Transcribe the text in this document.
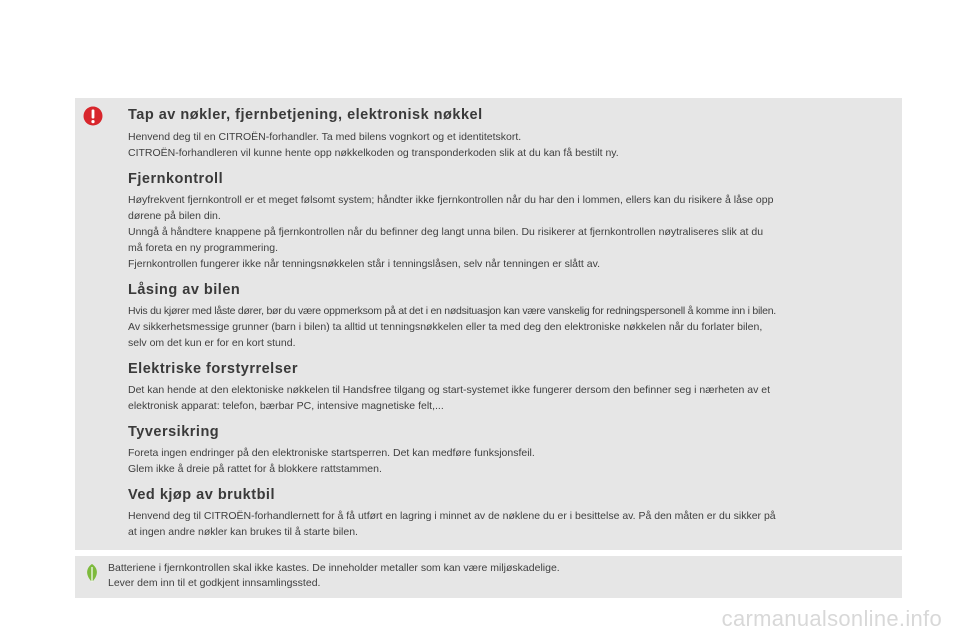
Tap av nøkler, fjernbetjening, elektronisk nøkkel

Henvend deg til en CITROËN-forhandler. Ta med bilens vognkort og et identitetskort.

CITROËN-forhandleren vil kunne hente opp nøkkelkoden og transponderkoden slik at du kan få bestilt ny.

Fjernkontroll

Høyfrekvent fjernkontroll er et meget følsomt system; håndter ikke fjernkontrollen når du har den i lommen, ellers kan du risikere å låse opp

dørene på bilen din.

Unngå å håndtere knappene på fjernkontrollen når du befinner deg langt unna bilen. Du risikerer at fjernkontrollen nøytraliseres slik at du

må foreta en ny programmering.

Fjernkontrollen fungerer ikke når tenningsnøkkelen står i tenningslåsen, selv når tenningen er slått av.

Låsing av bilen

Hvis du kjører med låste dører, bør du være oppmerksom på at det i en nødsituasjon kan være vanskelig for redningspersonell å komme inn i bilen.

Av sikkerhetsmessige grunner (barn i bilen) ta alltid ut tenningsnøkkelen eller ta med deg den elektroniske nøkkelen når du forlater bilen,

selv om det kun er for en kort stund.

Elektriske forstyrrelser

Det kan hende at den elektoniske nøkkelen til Handsfree tilgang og start-systemet ikke fungerer dersom den befinner seg i nærheten av et

elektronisk apparat: telefon, bærbar PC, intensive magnetiske felt,...

Tyversikring

Foreta ingen endringer på den elektroniske startsperren. Det kan medføre funksjonsfeil.

Glem ikke å dreie på rattet for å blokkere rattstammen.

Ved kjøp av bruktbil

Henvend deg til CITROËN-forhandlernett for å få utført en lagring i minnet av de nøklene du er i besittelse av. På den måten er du sikker på

at ingen andre nøkler kan brukes til å starte bilen.

Batteriene i fjernkontrollen skal ikke kastes. De inneholder metaller som kan være miljøskadelige.
Lever dem inn til et godkjent innsamlingssted.

carmanualsonline.info
